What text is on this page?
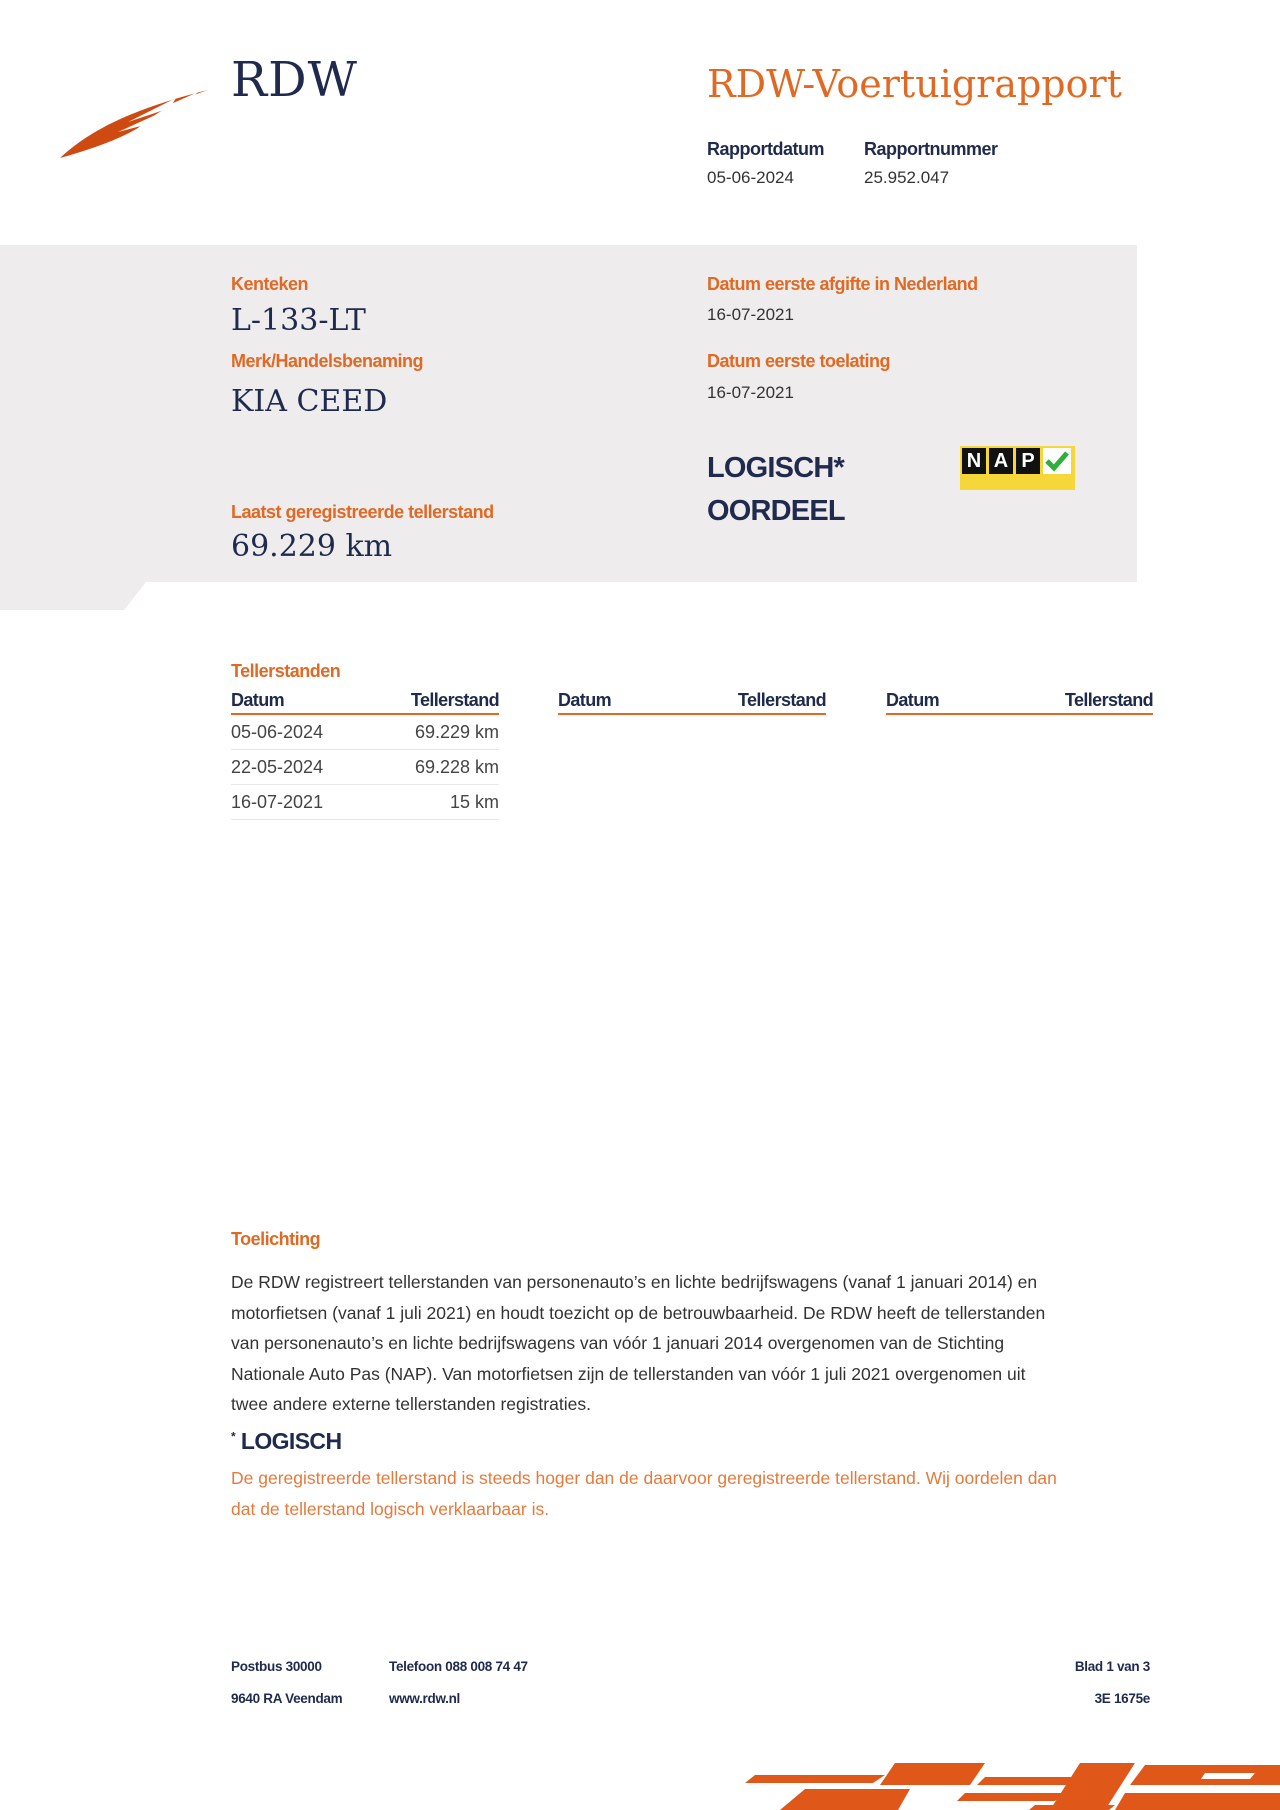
RDW	RDW-Voertuigrapport
Rapportdatum
05-06-2024
Rapportnummer
25.952.047
Kenteken
L-133-LT
Merk/Handelsbenaming
KIA CEED
Laatst geregistreerde tellerstand
69.229 km
Datum eerste afgifte in Nederland
16-07-2021
Datum eerste toelating
16-07-2021
LOGISCH*
OORDEEL
N A P
Tellerstanden
Datum	Tellerstand
05-06-2024	69.229 km
22-05-2024	69.228 km
16-07-2021	15 km
Datum	Tellerstand	Datum	Tellerstand
Toelichting
De RDW registreert tellerstanden van personenauto’s en lichte bedrijfswagens (vanaf 1 januari 2014) en
motorfietsen (vanaf 1 juli 2021) en houdt toezicht op de betrouwbaarheid. De RDW heeft de tellerstanden
van personenauto’s en lichte bedrijfswagens van vóór 1 januari 2014 overgenomen van de Stichting
Nationale Auto Pas (NAP). Van motorfietsen zijn de tellerstanden van vóór 1 juli 2021 overgenomen uit
twee andere externe tellerstanden registraties.
* LOGISCH
De geregistreerde tellerstand is steeds hoger dan de daarvoor geregistreerde tellerstand. Wij oordelen dan
dat de tellerstand logisch verklaarbaar is.
Postbus 30000
9640 RA Veendam
Telefoon 088 008 74 47
www.rdw.nl
Blad 1 van 3
3E 1675e
